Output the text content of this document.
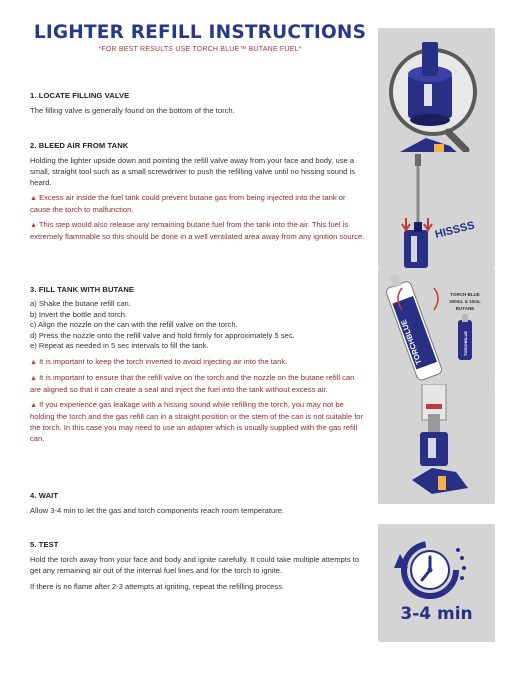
LIGHTER REFILL INSTRUCTIONS
*FOR BEST RESULTS USE TORCH BLUE™ BUTANE FUEL*
1. LOCATE FILLING VALVE
The filling valve is generally found on the bottom of the torch.
2. BLEED AIR FROM TANK
Holding the lighter upside down and pointing the refill valve away from your face and body, use a small, straight tool such as a small screwdriver to push the refilling valve until no hissing sound is heard.
▲ Excess air inside the fuel tank could prevent butane gas from being injected into the tank or cause the torch to malfunction.
▲ This step would also release any remaining butane fuel from the tank into the air. This fuel is extremely flammable so this should be done in a well ventilated area away from any ignition source.
3. FILL TANK WITH BUTANE
a) Shake the butane refill can.
b) Invert the bottle and torch.
c) Align the nozzle on the can with the refill valve on the torch.
d) Press the nozzle onto the refill valve and hold firmly for approximately 5 sec.
e) Repeat as needed in 5 sec intervals to fill the tank.
▲ It is important to keep the torch inverted to avoid injecting air into the tank.
▲ It is important to ensure that the refill valve on the torch and the nozzle on the butane refill can are aligned so that it can create a seal and inject the fuel into the tank without excess air.
▲ If you experience gas leakage with a hissing sound while refilling the torch, you may not be holding the torch and the gas refill can in a straight position or the stem of the can is not suitable for the torch. In this case you may need to use an adapter which is usually supplied with the gas refill can.
4. WAIT
Allow 3-4 min to let the gas and torch components reach room temperature.
5. TEST
Hold the torch away from your face and body and ignite carefully. It could take multiple attempts to get any remaining air out of the internal fuel lines and for the torch to ignite.
If there is no flame after 2-3 attempts at igniting, repeat the refilling process.
HISSSS
TORCHBLUE
TORCH BLUE
300mL & 10mL
BUTANE
TORCHBLUE
3-4 min
